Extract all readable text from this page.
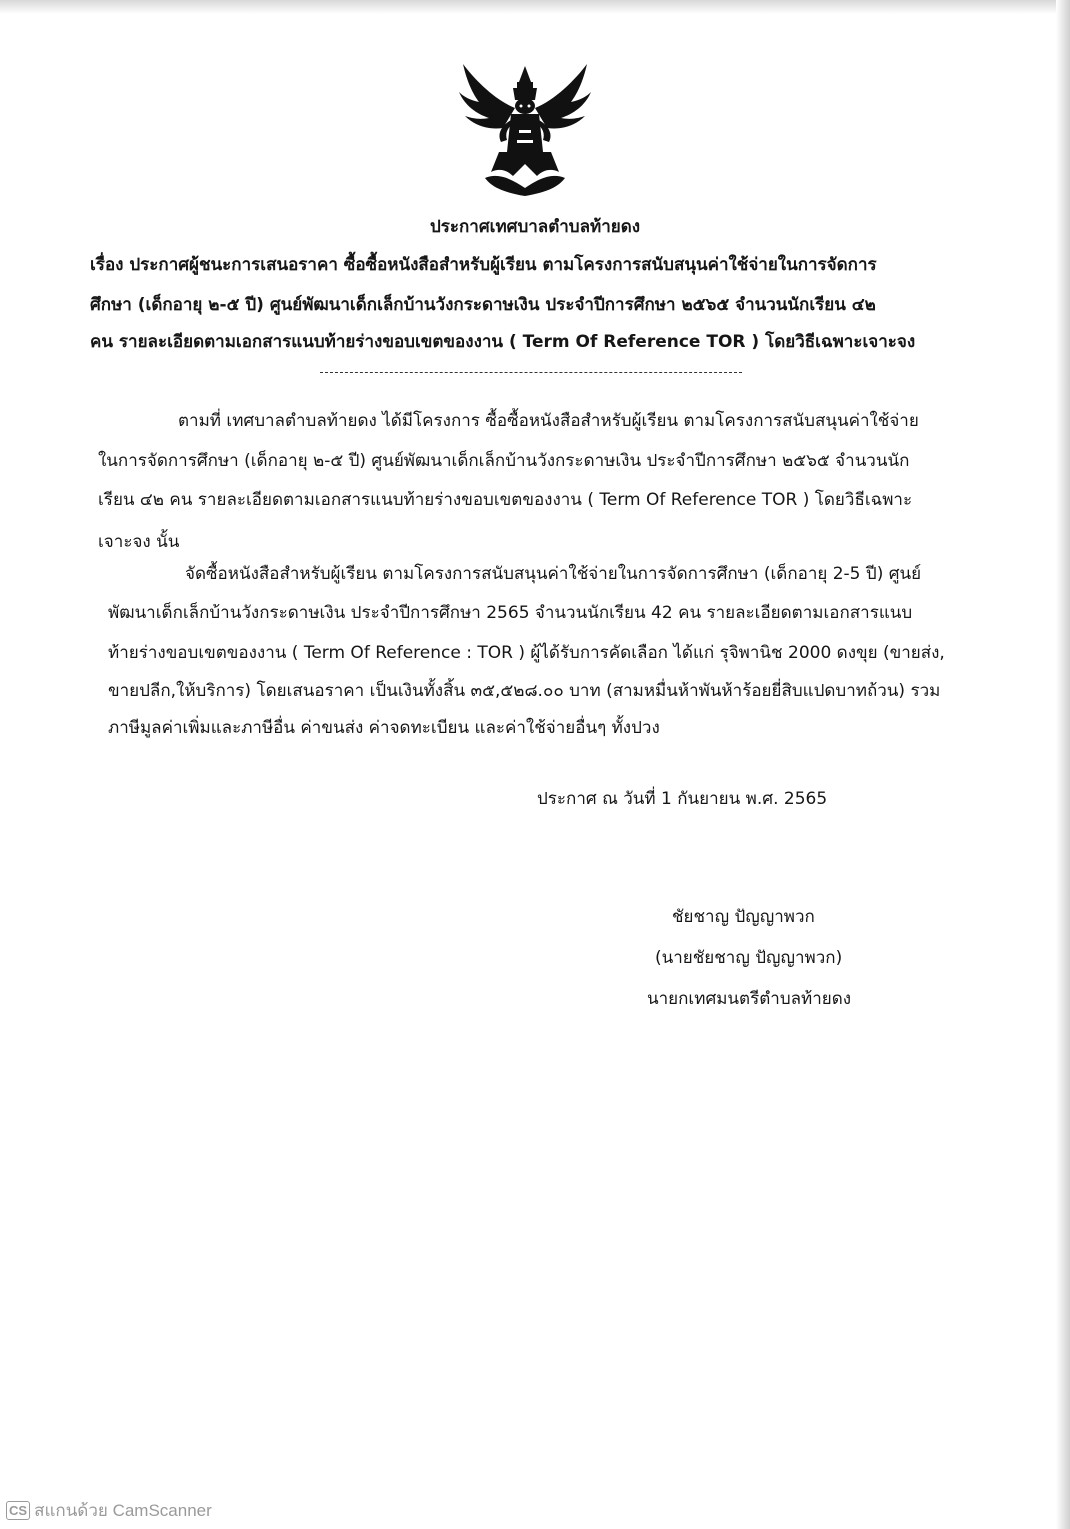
ประกาศเทศบาลตำบลท้ายดง
เรื่อง ประกาศผู้ชนะการเสนอราคา ซื้อซื้อหนังสือสำหรับผู้เรียน ตามโครงการสนับสนุนค่าใช้จ่ายในการจัดการ
ศึกษา (เด็กอายุ ๒-๕ ปี) ศูนย์พัฒนาเด็กเล็กบ้านวังกระดาษเงิน ประจำปีการศึกษา ๒๕๖๕ จำนวนนักเรียน ๔๒
คน รายละเอียดตามเอกสารแนบท้ายร่างขอบเขตของงาน ( Term Of Reference TOR ) โดยวิธีเฉพาะเจาะจง
ตามที่ เทศบาลตำบลท้ายดง ได้มีโครงการ ซื้อซื้อหนังสือสำหรับผู้เรียน ตามโครงการสนับสนุนค่าใช้จ่าย
ในการจัดการศึกษา (เด็กอายุ ๒-๕ ปี) ศูนย์พัฒนาเด็กเล็กบ้านวังกระดาษเงิน ประจำปีการศึกษา ๒๕๖๕ จำนวนนัก
เรียน ๔๒ คน รายละเอียดตามเอกสารแนบท้ายร่างขอบเขตของงาน ( Term Of Reference TOR ) โดยวิธีเฉพาะ
เจาะจง นั้น
จัดซื้อหนังสือสำหรับผู้เรียน ตามโครงการสนับสนุนค่าใช้จ่ายในการจัดการศึกษา (เด็กอายุ 2-5 ปี) ศูนย์
พัฒนาเด็กเล็กบ้านวังกระดาษเงิน ประจำปีการศึกษา 2565 จำนวนนักเรียน 42 คน รายละเอียดตามเอกสารแนบ
ท้ายร่างขอบเขตของงาน ( Term Of Reference : TOR ) ผู้ได้รับการคัดเลือก ได้แก่ รุจิพานิช 2000 ดงขุย (ขายส่ง,
ขายปลีก,ให้บริการ) โดยเสนอราคา เป็นเงินทั้งสิ้น ๓๕,๕๒๘.๐๐ บาท (สามหมื่นห้าพันห้าร้อยยี่สิบแปดบาทถ้วน) รวม
ภาษีมูลค่าเพิ่มและภาษีอื่น ค่าขนส่ง ค่าจดทะเบียน และค่าใช้จ่ายอื่นๆ ทั้งปวง
ประกาศ ณ วันที่ 1 กันยายน พ.ศ. 2565
ชัยชาญ ปัญญาพวก
(นายชัยชาญ ปัญญาพวก)
นายกเทศมนตรีตำบลท้ายดง
CS สแกนด้วย CamScanner
